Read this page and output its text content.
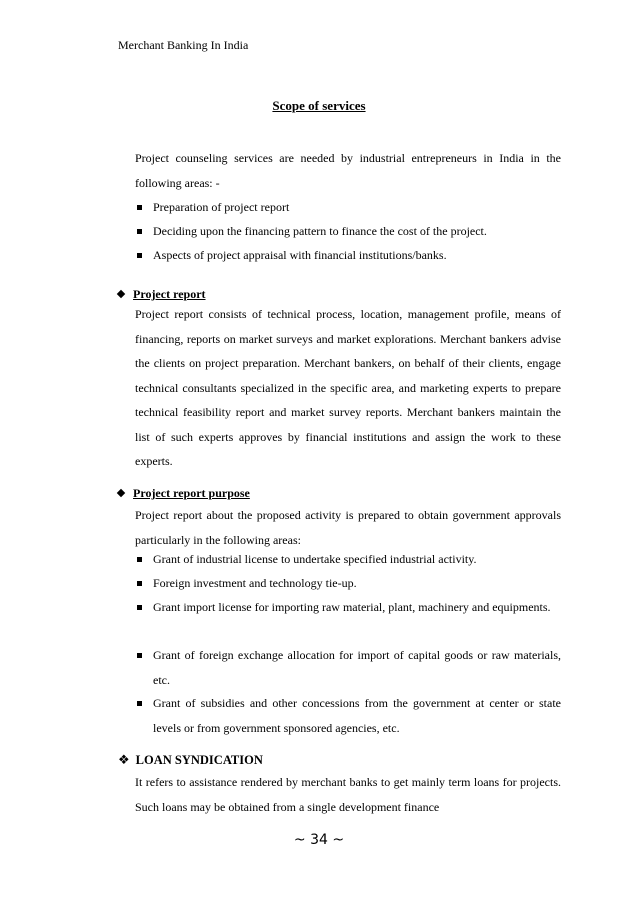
Merchant Banking In India
Scope of services
Project counseling services are needed by industrial entrepreneurs in India in the following areas: -
Preparation of project report
Deciding upon the financing pattern to finance the cost of the project.
Aspects of project appraisal with financial institutions/banks.
Project report
Project report consists of technical process, location, management profile, means of financing, reports on market surveys and market explorations. Merchant bankers advise the clients on project preparation. Merchant bankers, on behalf of their clients, engage technical consultants specialized in the specific area, and marketing experts to prepare technical feasibility report and market survey reports. Merchant bankers maintain the list of such experts approves by financial institutions and assign the work to these experts.
Project report purpose
Project report about the proposed activity is prepared to obtain government approvals particularly in the following areas:
Grant of industrial license to undertake specified industrial activity.
Foreign investment and technology tie-up.
Grant import license for importing raw material, plant, machinery and equipments.
Grant of foreign exchange allocation for import of capital goods or raw materials, etc.
Grant of subsidies and other concessions from the government at center or state levels or from government sponsored agencies, etc.
❖ LOAN SYNDICATION
It refers to assistance rendered by merchant banks to get mainly term loans for projects. Such loans may be obtained from a single development finance
~ 34 ~
